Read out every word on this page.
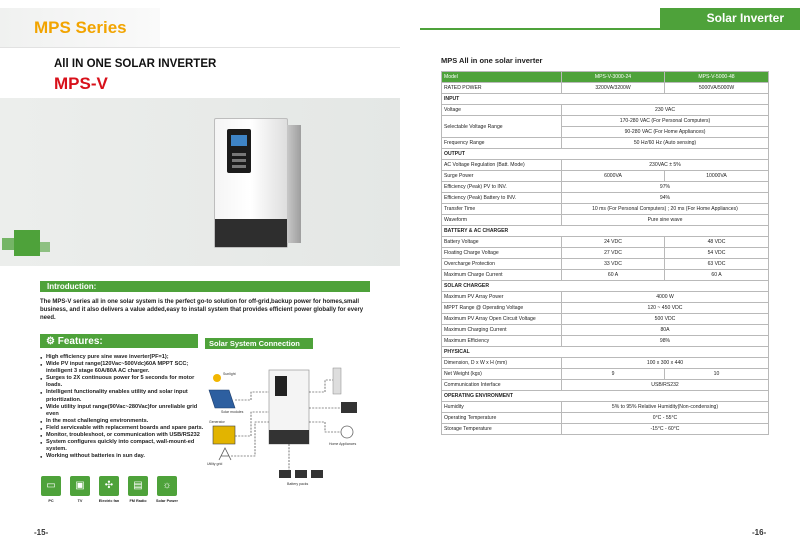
MPS Series	Solar Inverter
All IN ONE SOLAR INVERTER
MPS-V
Introduction:
The MPS-V series all in one solar system is the perfect go-to solution for off-grid,backup power for homes,small business, and it also delivers a value added,easy to install system that provides efficient power globally for every need.
⚙ Features:
● High efficiency pure sine wave inverter(PF=1);
● Wide PV input range(120Vac~500Vdc)60A MPPT SCC; intelligent 3 stage 60A/80A AC charger.
● Surges to 2X continuous power for 5 seconds for motor loads.
● Intelligent functionality enables utility and solar input prioritization.
● Wide utility input range(90Vac~280Vac)for unreliable grid even
● In the most challenging environments.
● Field serviceable with replacement boards and spare parts.
● Monitor, troubleshoot, or communication with USB/RS232
● System configures quickly into compact, wall-mount-ed system.
● Working without batteries in sun day.
▭
PC
▣
TV
✣
Electric fan
▤
FM Radio
☼
Solar Power
Solar System Connection
Sunlight
Solar modules
Generator
Utility grid
Battery packs
Home Appliances
-15-
MPS All in one solar inverter
Model	MPS-V-3000-24	MPS-V-5000-48
RATED POWER	3200VA/3200W	5000VA/5000W
INPUT		
Voltage	230 VAC	
Selectable Voltage Range	170-280 VAC (For Personal Computers)	
	90-280 VAC (For Home Appliances)	
Frequency Range	50 Hz/60 Hz (Auto sensing)	
OUTPUT		
AC Voltage Regulation (Batt. Mode)	230VAC ± 5%	
Surge Power	6000VA	10000VA
Efficiency (Peak) PV to INV.	97%	
Efficiency (Peak) Battery to INV.	94%	
Transfer Time	10 ms (For Personal Computers) ; 20 ms (For Home Appliances)	
Waveform	Pure sine wave	
BATTERY & AC CHARGER		
Battery Voltage	24 VDC	48 VDC
Floating Charge Voltage	27 VDC	54 VDC
Overcharge Protection	33 VDC	63 VDC
Maximum Charge Current	60 A	60 A
SOLAR CHARGER		
Maximum PV Array Power	4000 W	
MPPT Range @ Operating Voltage	120 ~ 450 VDC	
Maximum PV Array Open Circuit Voltage	500 VDC	
Maximum Charging Current	80A	
Maximum Efficiency	98%	
PHYSICAL		
Dimension, D x W x H (mm)	100 x 300 x 440	
Net Weight (kgs)	9	10
Communication Interface	USB/RS232	
OPERATING ENVIRONMENT		
Humidity	5% to 95% Relative Humidity(Non-condensing)	
Operating Temperature	0°C - 55°C	
Storage Temperature	-15°C - 60°C	
-16-
